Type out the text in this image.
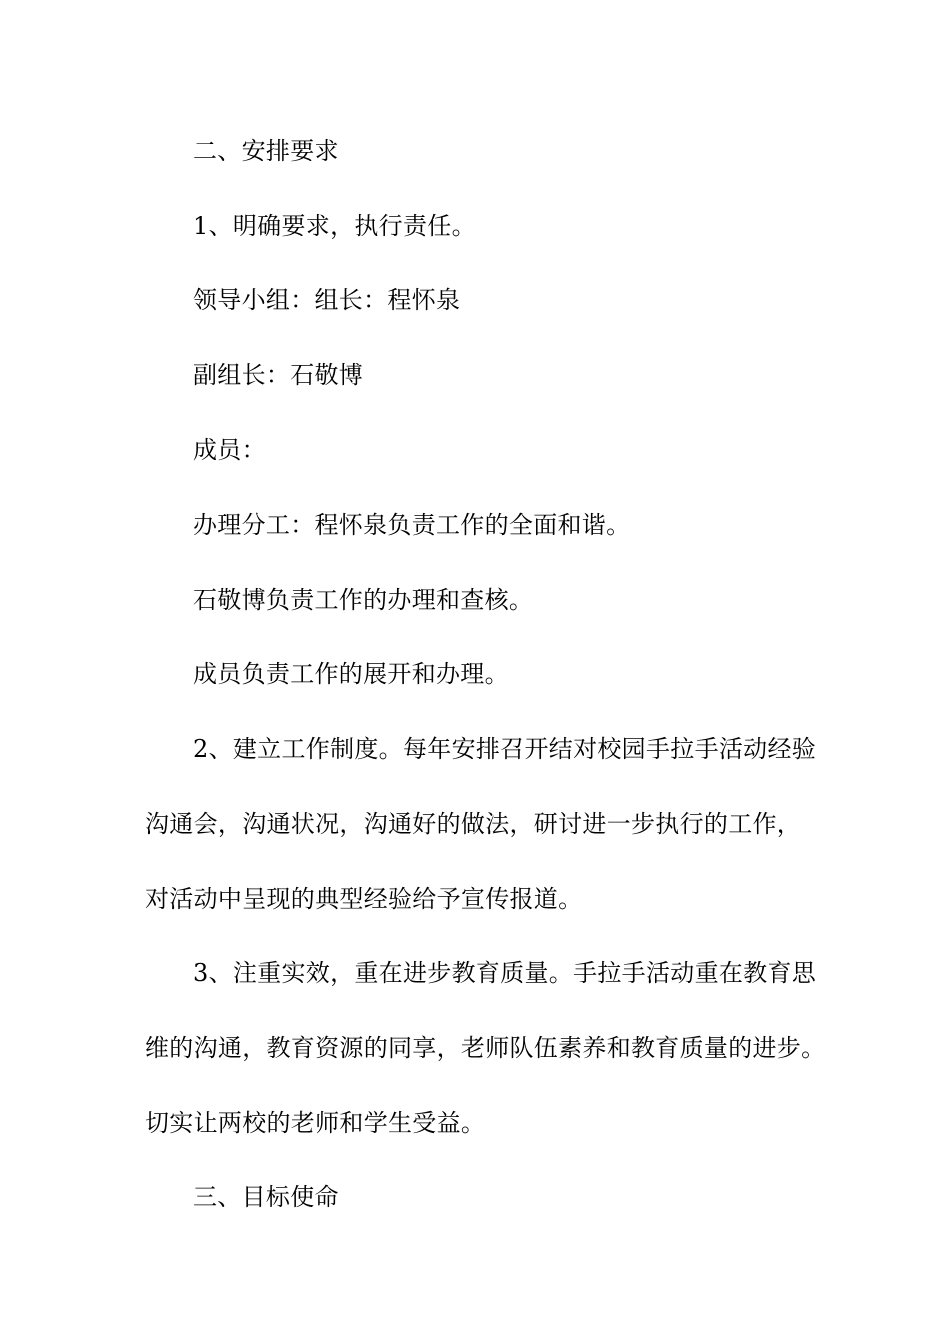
二、安排要求
1、明确要求，执行责任。
领导小组：组长：程怀泉
副组长：石敬博
成员：
办理分工：程怀泉负责工作的全面和谐。
石敬博负责工作的办理和查核。
成员负责工作的展开和办理。
2、建立工作制度。每年安排召开结对校园手拉手活动经验
沟通会，沟通状况，沟通好的做法，研讨进一步执行的工作，
对活动中呈现的典型经验给予宣传报道。
3、注重实效，重在进步教育质量。手拉手活动重在教育思
维的沟通，教育资源的同享，老师队伍素养和教育质量的进步。
切实让两校的老师和学生受益。
三、目标使命
